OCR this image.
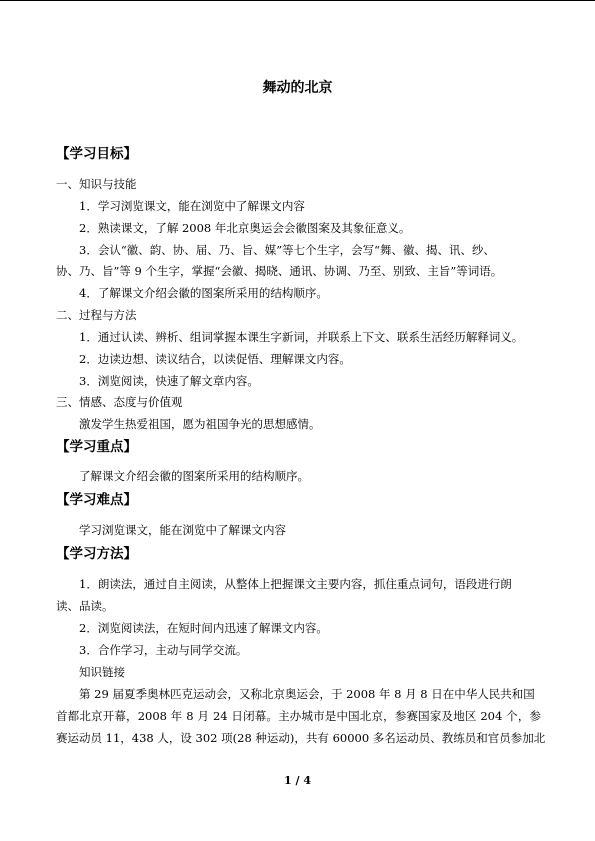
舞动的北京
【学习目标】
一、知识与技能
1．学习浏览课文，能在浏览中了解课文内容
2．熟读课文，了解 2008 年北京奥运会会徽图案及其象征意义。
3．会认“徽、韵、协、届、乃、旨、媒”等七个生字，会写“舞、徽、揭、讯、纱、
协、乃、旨”等 9 个生字，掌握“会徽、揭晓、通讯、协调、乃至、别致、主旨”等词语。
4．了解课文介绍会徽的图案所采用的结构顺序。
二、过程与方法
1．通过认读、辨析、组词掌握本课生字新词，并联系上下文、联系生活经历解释词义。
2．边读边想、读议结合，以读促悟、理解课文内容。
3．浏览阅读，快速了解文章内容。
三、情感、态度与价值观
激发学生热爱祖国，愿为祖国争光的思想感情。
【学习重点】
了解课文介绍会徽的图案所采用的结构顺序。
【学习难点】
学习浏览课文，能在浏览中了解课文内容
【学习方法】
1．朗读法，通过自主阅读，从整体上把握课文主要内容，抓住重点词句，语段进行朗
读、品读。
2．浏览阅读法，在短时间内迅速了解课文内容。
3．合作学习，主动与同学交流。
知识链接
第 29 届夏季奥林匹克运动会，又称北京奥运会，于 2008 年 8 月 8 日在中华人民共和国
首都北京开幕，2008 年 8 月 24 日闭幕。主办城市是中国北京，参赛国家及地区 204 个，参
赛运动员 11，438 人，设 302 项(28 种运动)，共有 60000 多名运动员、教练员和官员参加北
1 / 4
